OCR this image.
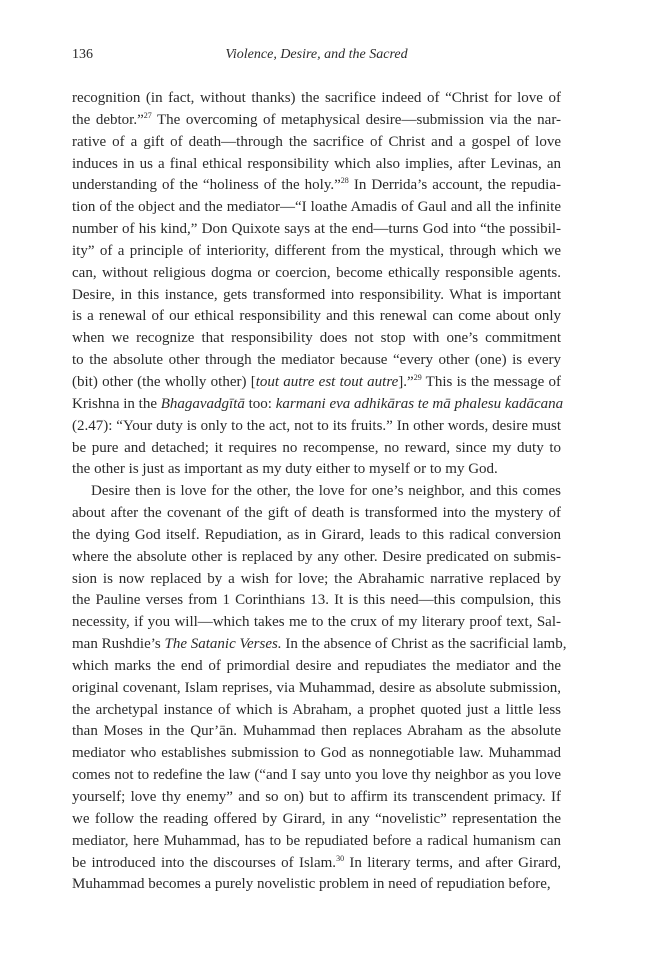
136	Violence, Desire, and the Sacred
recognition (in fact, without thanks) the sacrifice indeed of “Christ for love of
the debtor.”$^{27}$ The overcoming of metaphysical desire—submission via the nar-
rative of a gift of death—through the sacrifice of Christ and a gospel of love
induces in us a final ethical responsibility which also implies, after Levinas, an
understanding of the “holiness of the holy.”$^{28}$ In Derrida’s account, the repudia-
tion of the object and the mediator—“I loathe Amadis of Gaul and all the infinite
number of his kind,” Don Quixote says at the end—turns God into “the possibil-
ity” of a principle of interiority, different from the mystical, through which we
can, without religious dogma or coercion, become ethically responsible agents.
Desire, in this instance, gets transformed into responsibility. What is important
is a renewal of our ethical responsibility and this renewal can come about only
when we recognize that responsibility does not stop with one’s commitment
to the absolute other through the mediator because “every other (one) is every
(bit) other (the wholly other) [tout autre est tout autre].”$^{29}$ This is the message of
Krishna in the Bhagavadgītā too: karmani eva adhikāras te mā phalesu kadācana
(2.47): “Your duty is only to the act, not to its fruits.” In other words, desire must
be pure and detached; it requires no recompense, no reward, since my duty to
the other is just as important as my duty either to myself or to my God.
Desire then is love for the other, the love for one’s neighbor, and this comes
about after the covenant of the gift of death is transformed into the mystery of
the dying God itself. Repudiation, as in Girard, leads to this radical conversion
where the absolute other is replaced by any other. Desire predicated on submis-
sion is now replaced by a wish for love; the Abrahamic narrative replaced by
the Pauline verses from 1 Corinthians 13. It is this need—this compulsion, this
necessity, if you will—which takes me to the crux of my literary proof text, Sal-
man Rushdie’s The Satanic Verses. In the absence of Christ as the sacrificial lamb,
which marks the end of primordial desire and repudiates the mediator and the
original covenant, Islam reprises, via Muhammad, desire as absolute submission,
the archetypal instance of which is Abraham, a prophet quoted just a little less
than Moses in the Qur’ān. Muhammad then replaces Abraham as the absolute
mediator who establishes submission to God as nonnegotiable law. Muhammad
comes not to redefine the law (“and I say unto you love thy neighbor as you love
yourself; love thy enemy” and so on) but to affirm its transcendent primacy. If
we follow the reading offered by Girard, in any “novelistic” representation the
mediator, here Muhammad, has to be repudiated before a radical humanism can
be introduced into the discourses of Islam.$^{30}$ In literary terms, and after Girard,
Muhammad becomes a purely novelistic problem in need of repudiation before,
